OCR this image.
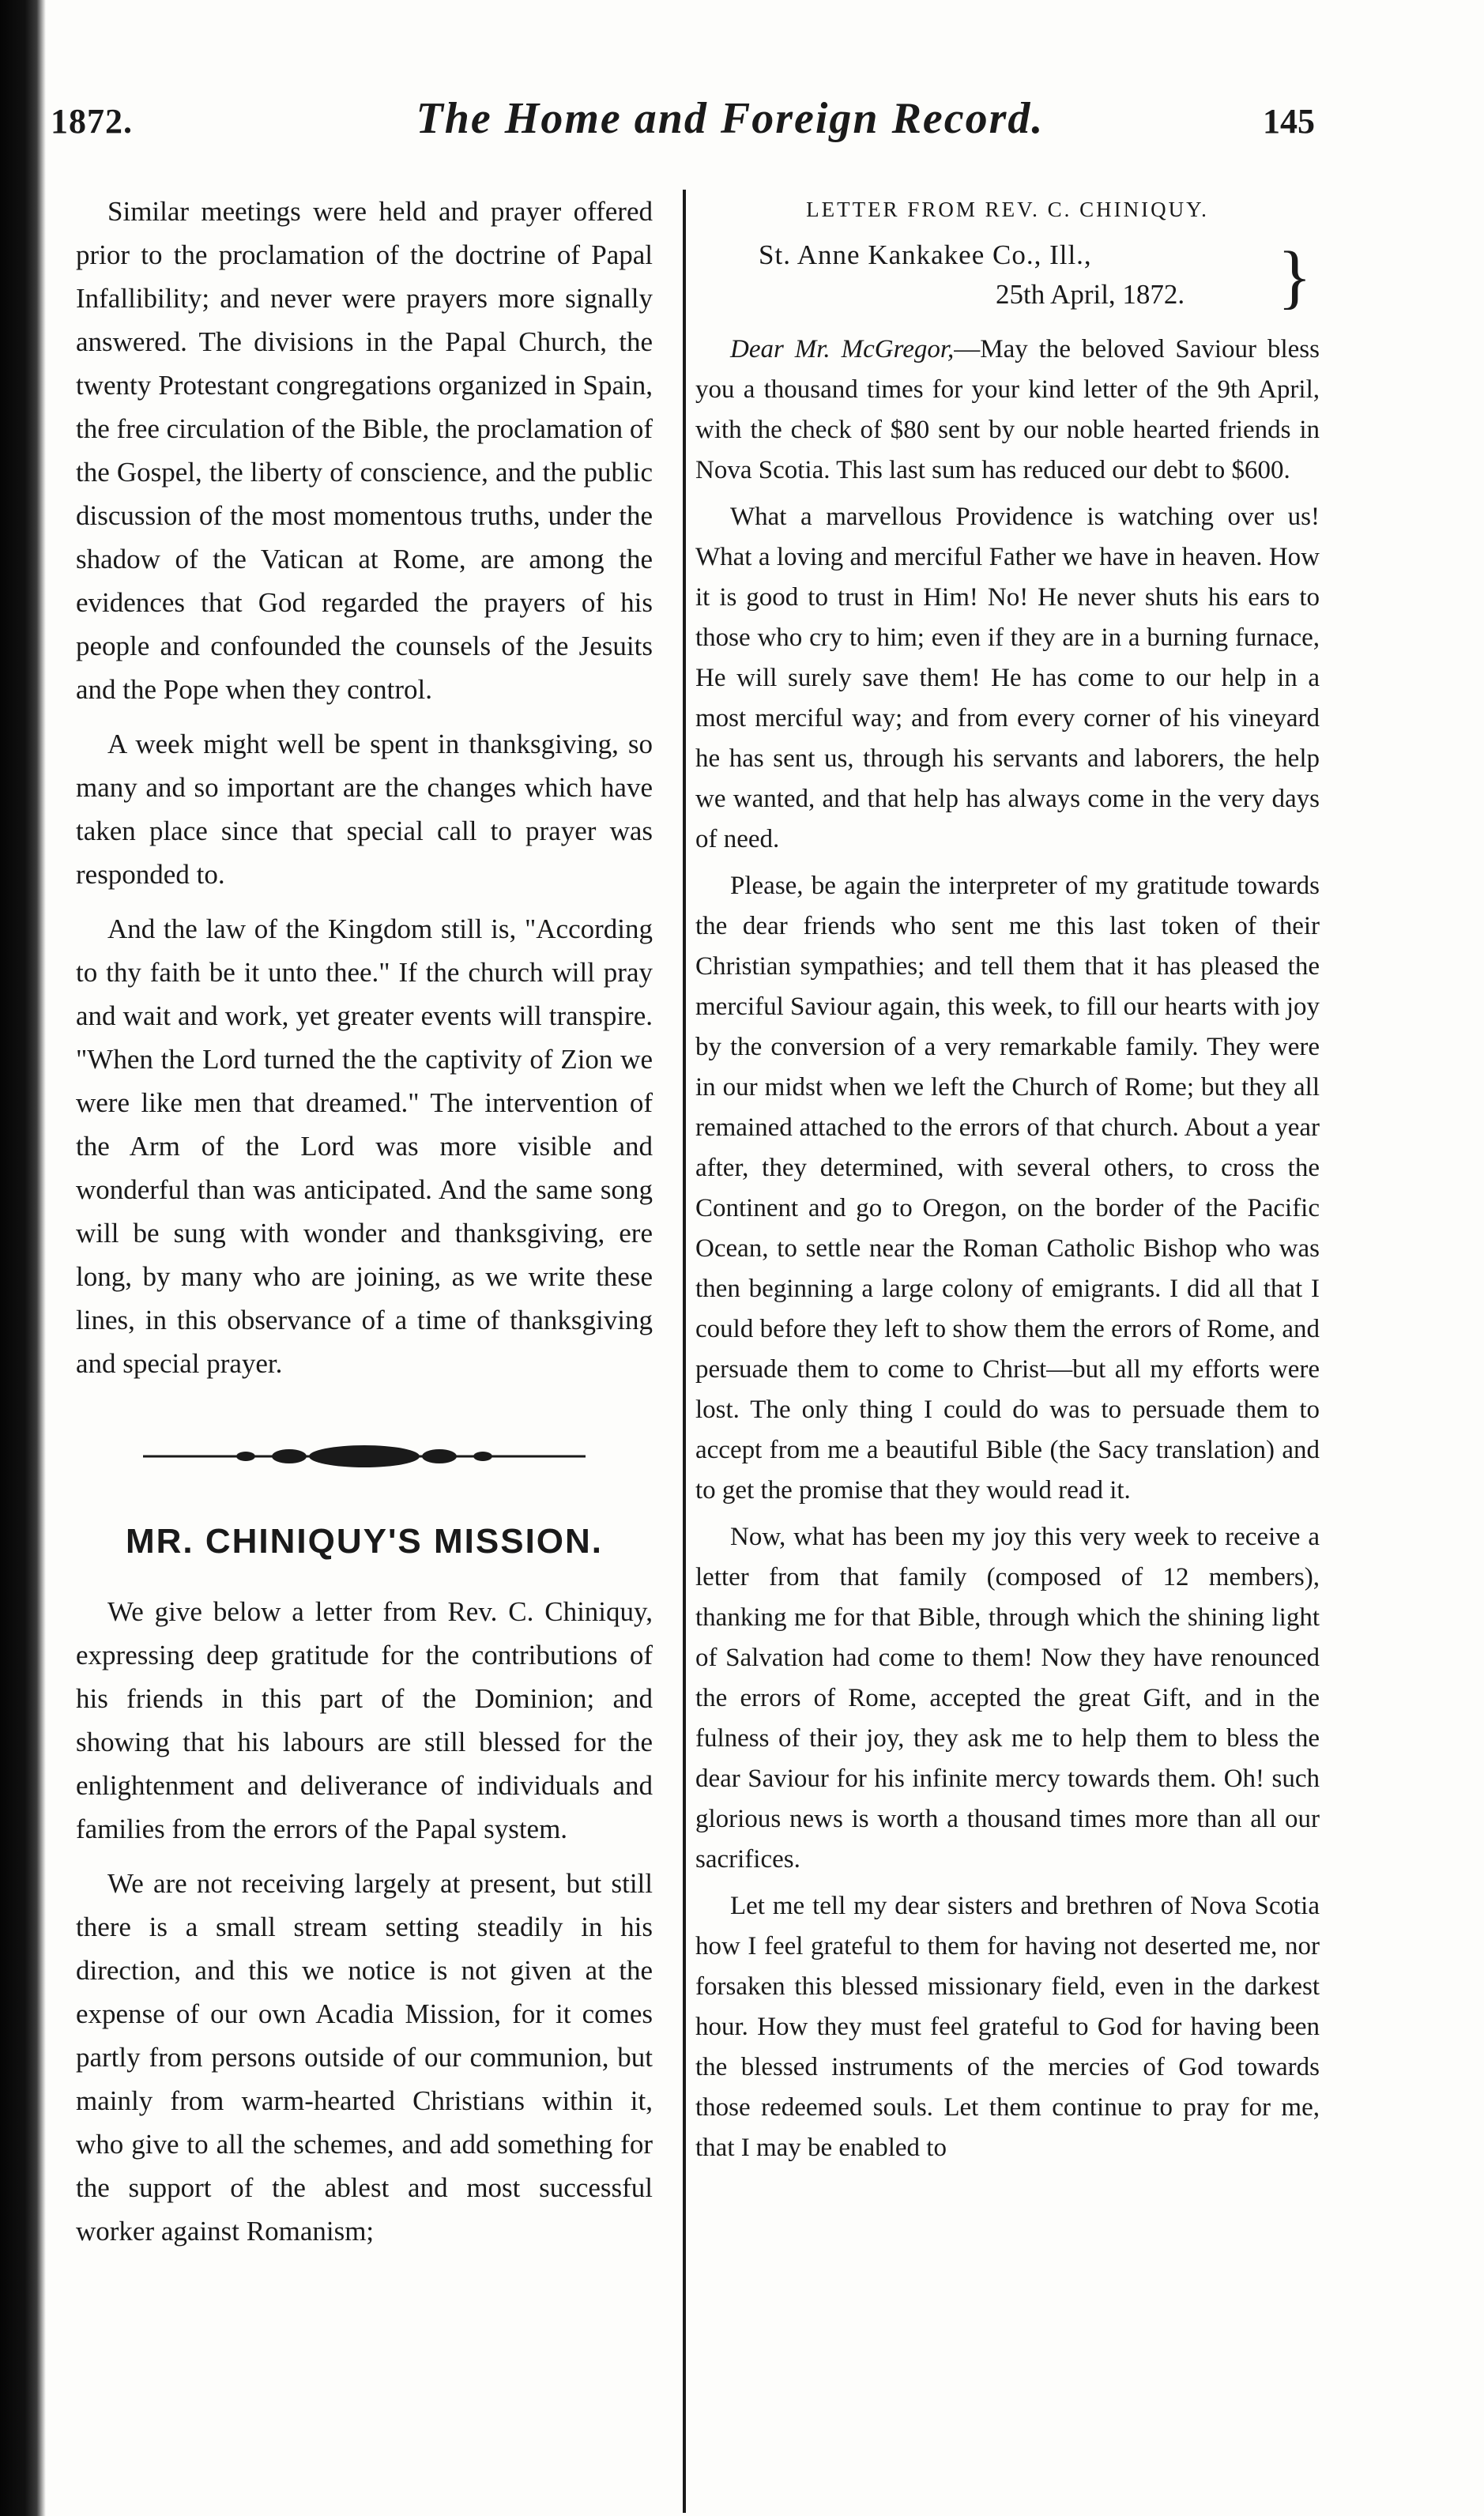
1872.	The Home and Foreign Record.	145

Similar meetings were held and prayer offered prior to the proclamation of the doctrine of Papal Infallibility; and never were prayers more signally answered. The divisions in the Papal Church, the twenty Protestant congregations organized in Spain, the free circulation of the Bible, the proclamation of the Gospel, the liberty of conscience, and the public discussion of the most momentous truths, under the shadow of the Vatican at Rome, are among the evidences that God regarded the prayers of his people and confounded the counsels of the Jesuits and the Pope when they control.

A week might well be spent in thanksgiving, so many and so important are the changes which have taken place since that special call to prayer was responded to.

And the law of the Kingdom still is, "According to thy faith be it unto thee." If the church will pray and wait and work, yet greater events will transpire. "When the Lord turned the the captivity of Zion we were like men that dreamed." The intervention of the Arm of the Lord was more visible and wonderful than was anticipated. And the same song will be sung with wonder and thanksgiving, ere long, by many who are joining, as we write these lines, in this observance of a time of thanksgiving and special prayer.

MR. CHINIQUY'S MISSION.

We give below a letter from Rev. C. Chiniquy, expressing deep gratitude for the contributions of his friends in this part of the Dominion; and showing that his labours are still blessed for the enlightenment and deliverance of individuals and families from the errors of the Papal system.

We are not receiving largely at present, but still there is a small stream setting steadily in his direction, and this we notice is not given at the expense of our own Acadia Mission, for it comes partly from persons outside of our communion, but mainly from warm-hearted Christians within it, who give to all the schemes, and add something for the support of the ablest and most successful worker against Romanism;

LETTER FROM REV. C. CHINIQUY.
St. Anne Kankakee Co., Ill.,
25th April, 1872. }

Dear Mr. McGregor,—May the beloved Saviour bless you a thousand times for your kind letter of the 9th April, with the check of $80 sent by our noble hearted friends in Nova Scotia. This last sum has reduced our debt to $600.

What a marvellous Providence is watching over us! What a loving and merciful Father we have in heaven. How it is good to trust in Him! No! He never shuts his ears to those who cry to him; even if they are in a burning furnace, He will surely save them! He has come to our help in a most merciful way; and from every corner of his vineyard he has sent us, through his servants and laborers, the help we wanted, and that help has always come in the very days of need.

Please, be again the interpreter of my gratitude towards the dear friends who sent me this last token of their Christian sympathies; and tell them that it has pleased the merciful Saviour again, this week, to fill our hearts with joy by the conversion of a very remarkable family. They were in our midst when we left the Church of Rome; but they all remained attached to the errors of that church. About a year after, they determined, with several others, to cross the Continent and go to Oregon, on the border of the Pacific Ocean, to settle near the Roman Catholic Bishop who was then beginning a large colony of emigrants. I did all that I could before they left to show them the errors of Rome, and persuade them to come to Christ—but all my efforts were lost. The only thing I could do was to persuade them to accept from me a beautiful Bible (the Sacy translation) and to get the promise that they would read it.

Now, what has been my joy this very week to receive a letter from that family (composed of 12 members), thanking me for that Bible, through which the shining light of Salvation had come to them! Now they have renounced the errors of Rome, accepted the great Gift, and in the fulness of their joy, they ask me to help them to bless the dear Saviour for his infinite mercy towards them. Oh! such glorious news is worth a thousand times more than all our sacrifices.

Let me tell my dear sisters and brethren of Nova Scotia how I feel grateful to them for having not deserted me, nor forsaken this blessed missionary field, even in the darkest hour. How they must feel grateful to God for having been the blessed instruments of the mercies of God towards those redeemed souls. Let them continue to pray for me, that I may be enabled to
